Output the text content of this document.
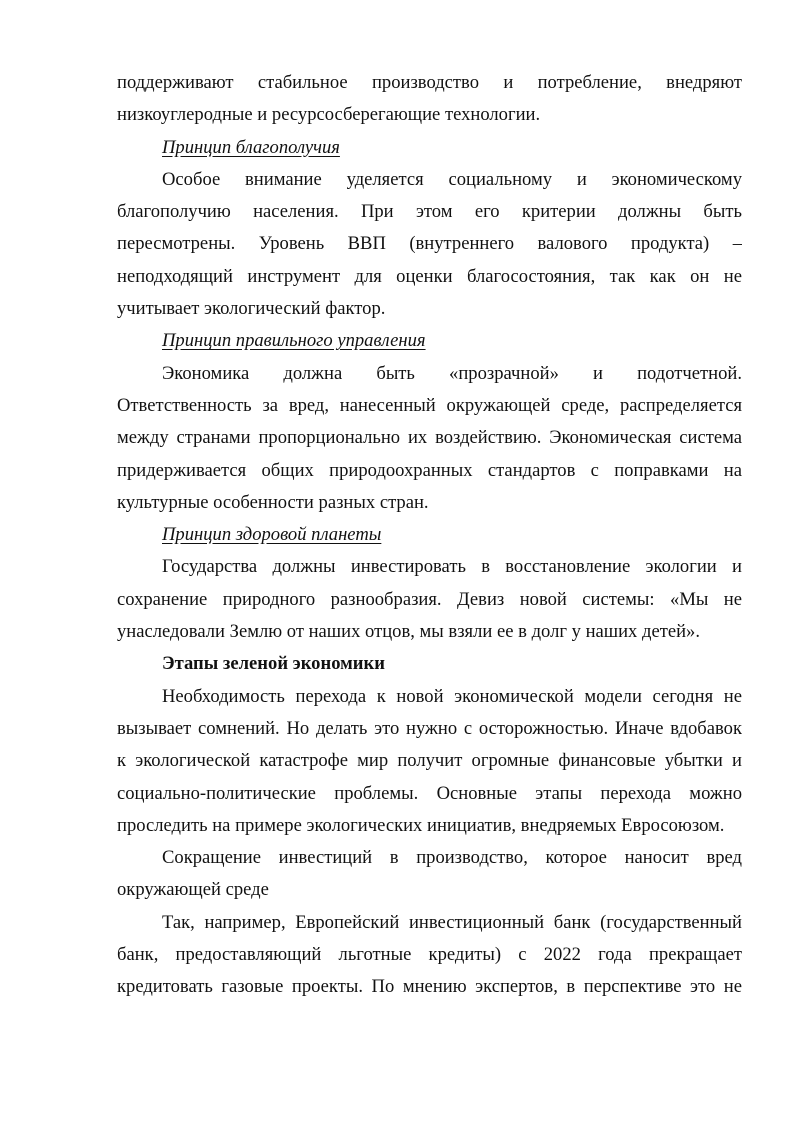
поддерживают стабильное производство и потребление, внедряют
низкоуглеродные и ресурсосберегающие технологии.
Принцип благополучия
Особое внимание уделяется социальному и экономическому
благополучию населения. При этом его критерии должны быть
пересмотрены. Уровень ВВП (внутреннего валового продукта) –
неподходящий инструмент для оценки благосостояния, так как он не
учитывает экологический фактор.
Принцип правильного управления
Экономика должна быть «прозрачной» и подотчетной.
Ответственность за вред, нанесенный окружающей среде, распределяется
между странами пропорционально их воздействию. Экономическая система
придерживается общих природоохранных стандартов с поправками на
культурные особенности разных стран.
Принцип здоровой планеты
Государства должны инвестировать в восстановление экологии и
сохранение природного разнообразия. Девиз новой системы: «Мы не
унаследовали Землю от наших отцов, мы взяли ее в долг у наших детей».
Этапы зеленой экономики
Необходимость перехода к новой экономической модели сегодня не
вызывает сомнений. Но делать это нужно с осторожностью. Иначе вдобавок
к экологической катастрофе мир получит огромные финансовые убытки и
социально-политические проблемы. Основные этапы перехода можно
проследить на примере экологических инициатив, внедряемых Евросоюзом.
Сокращение инвестиций в производство, которое наносит вред
окружающей среде
Так, например, Европейский инвестиционный банк (государственный
банк, предоставляющий льготные кредиты) с 2022 года прекращает
кредитовать газовые проекты. По мнению экспертов, в перспективе это не
